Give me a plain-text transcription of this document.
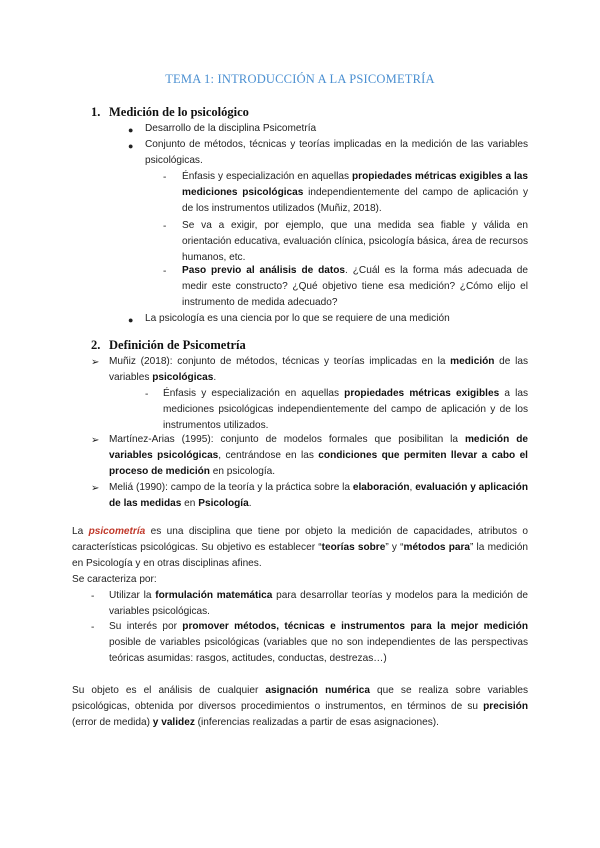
TEMA 1: INTRODUCCIÓN A LA PSICOMETRÍA
1. Medición de lo psicológico
● Desarrollo de la disciplina Psicometría
● Conjunto de métodos, técnicas y teorías implicadas en la medición de las variables psicológicas.
- Énfasis y especialización en aquellas propiedades métricas exigibles a las mediciones psicológicas independientemente del campo de aplicación y de los instrumentos utilizados (Muñiz, 2018).
- Se va a exigir, por ejemplo, que una medida sea fiable y válida en orientación educativa, evaluación clínica, psicología básica, área de recursos humanos, etc.
- Paso previo al análisis de datos. ¿Cuál es la forma más adecuada de medir este constructo? ¿Qué objetivo tiene esa medición? ¿Cómo elijo el instrumento de medida adecuado?
● La psicología es una ciencia por lo que se requiere de una medición
2. Definición de Psicometría
➢ Muñiz (2018): conjunto de métodos, técnicas y teorías implicadas en la medición de las variables psicológicas.
- Énfasis y especialización en aquellas propiedades métricas exigibles a las mediciones psicológicas independientemente del campo de aplicación y de los instrumentos utilizados.
➢ Martínez-Arias (1995): conjunto de modelos formales que posibilitan la medición de variables psicológicas, centrándose en las condiciones que permiten llevar a cabo el proceso de medición en psicología.
➢ Meliá (1990): campo de la teoría y la práctica sobre la elaboración, evaluación y aplicación de las medidas en Psicología.
La psicometría es una disciplina que tiene por objeto la medición de capacidades, atributos o características psicológicas. Su objetivo es establecer “teorías sobre” y “métodos para” la medición en Psicología y en otras disciplinas afines.
Se caracteriza por:
- Utilizar la formulación matemática para desarrollar teorías y modelos para la medición de variables psicológicas.
- Su interés por promover métodos, técnicas e instrumentos para la mejor medición posible de variables psicológicas (variables que no son independientes de las perspectivas teóricas asumidas: rasgos, actitudes, conductas, destrezas…)
Su objeto es el análisis de cualquier asignación numérica que se realiza sobre variables psicológicas, obtenida por diversos procedimientos o instrumentos, en términos de su precisión (error de medida) y validez (inferencias realizadas a partir de esas asignaciones).
